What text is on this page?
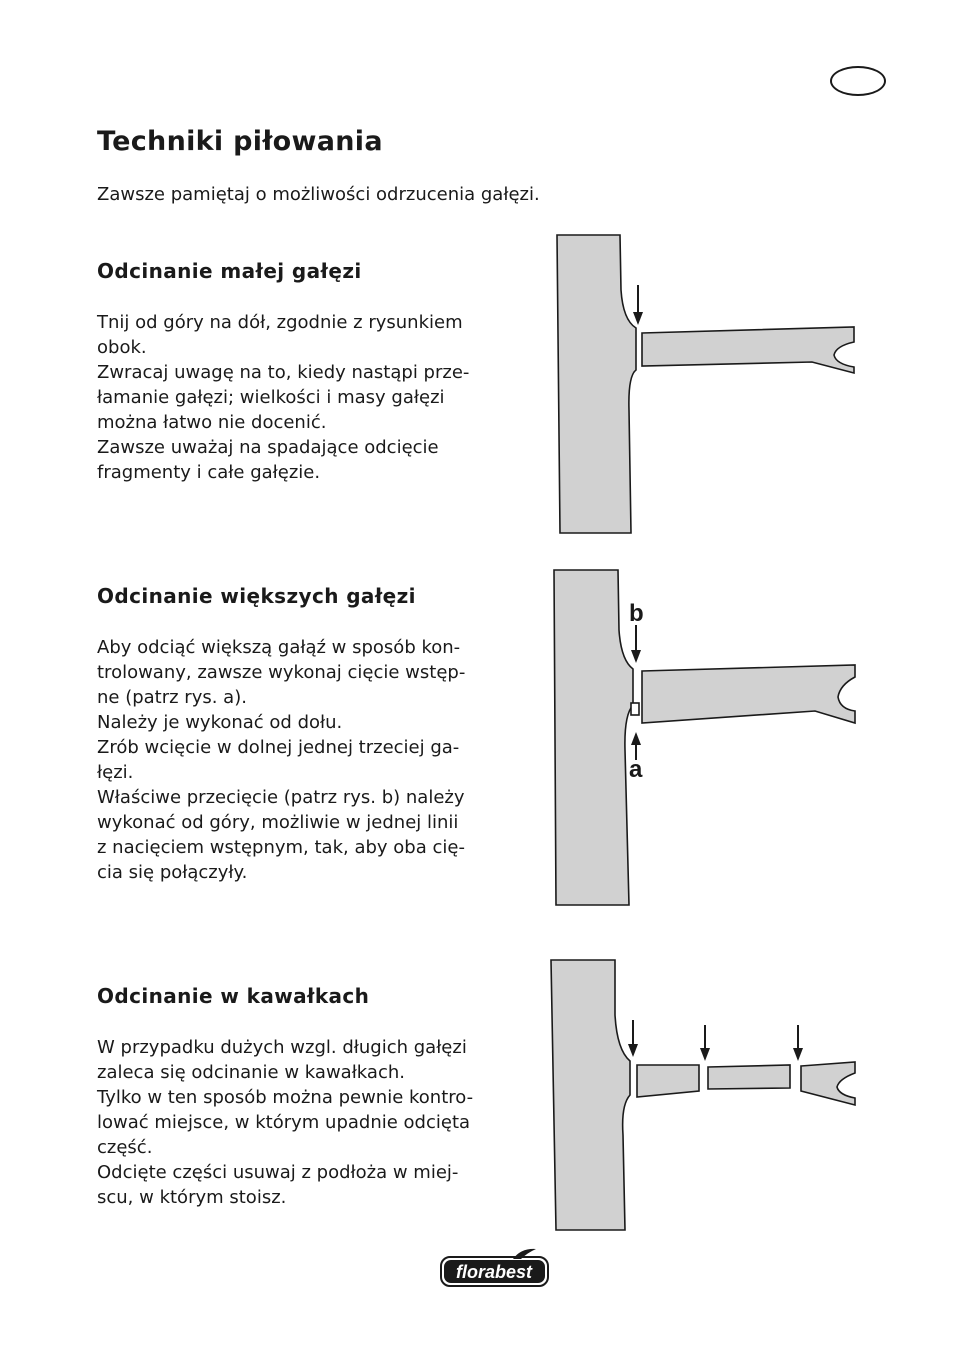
Techniki piłowania

Zawsze pamiętaj o możliwości odrzucenia gałęzi.

Odcinanie małej gałęzi
Tnij od góry na dół, zgodnie z rysunkiem
obok.
Zwracaj uwagę na to, kiedy nastąpi prze-
łamanie gałęzi; wielkości i masy gałęzi
można łatwo nie docenić.
Zawsze uważaj na spadające odcięcie
fragmenty i całe gałęzie.
Odcinanie większych gałęzi
Aby odciąć większą gałąź w sposób kon-
trolowany, zawsze wykonaj cięcie wstęp-
ne (patrz rys. a).
Należy je wykonać od dołu.
Zrób wcięcie w dolnej jednej trzeciej ga-
łęzi.
Właściwe przecięcie (patrz rys. b) należy
wykonać od góry, możliwie w jednej linii
z nacięciem wstępnym, tak, aby oba cię-
cia się połączyły.
Odcinanie w kawałkach
W przypadku dużych wzgl. długich gałęzi
zaleca się odcinanie w kawałkach.
Tylko w ten sposób można pewnie kontro-
lować miejsce, w którym upadnie odcięta
część.
Odcięte części usuwaj z podłoża w miej-
scu, w którym stoisz.
b
a
florabest
